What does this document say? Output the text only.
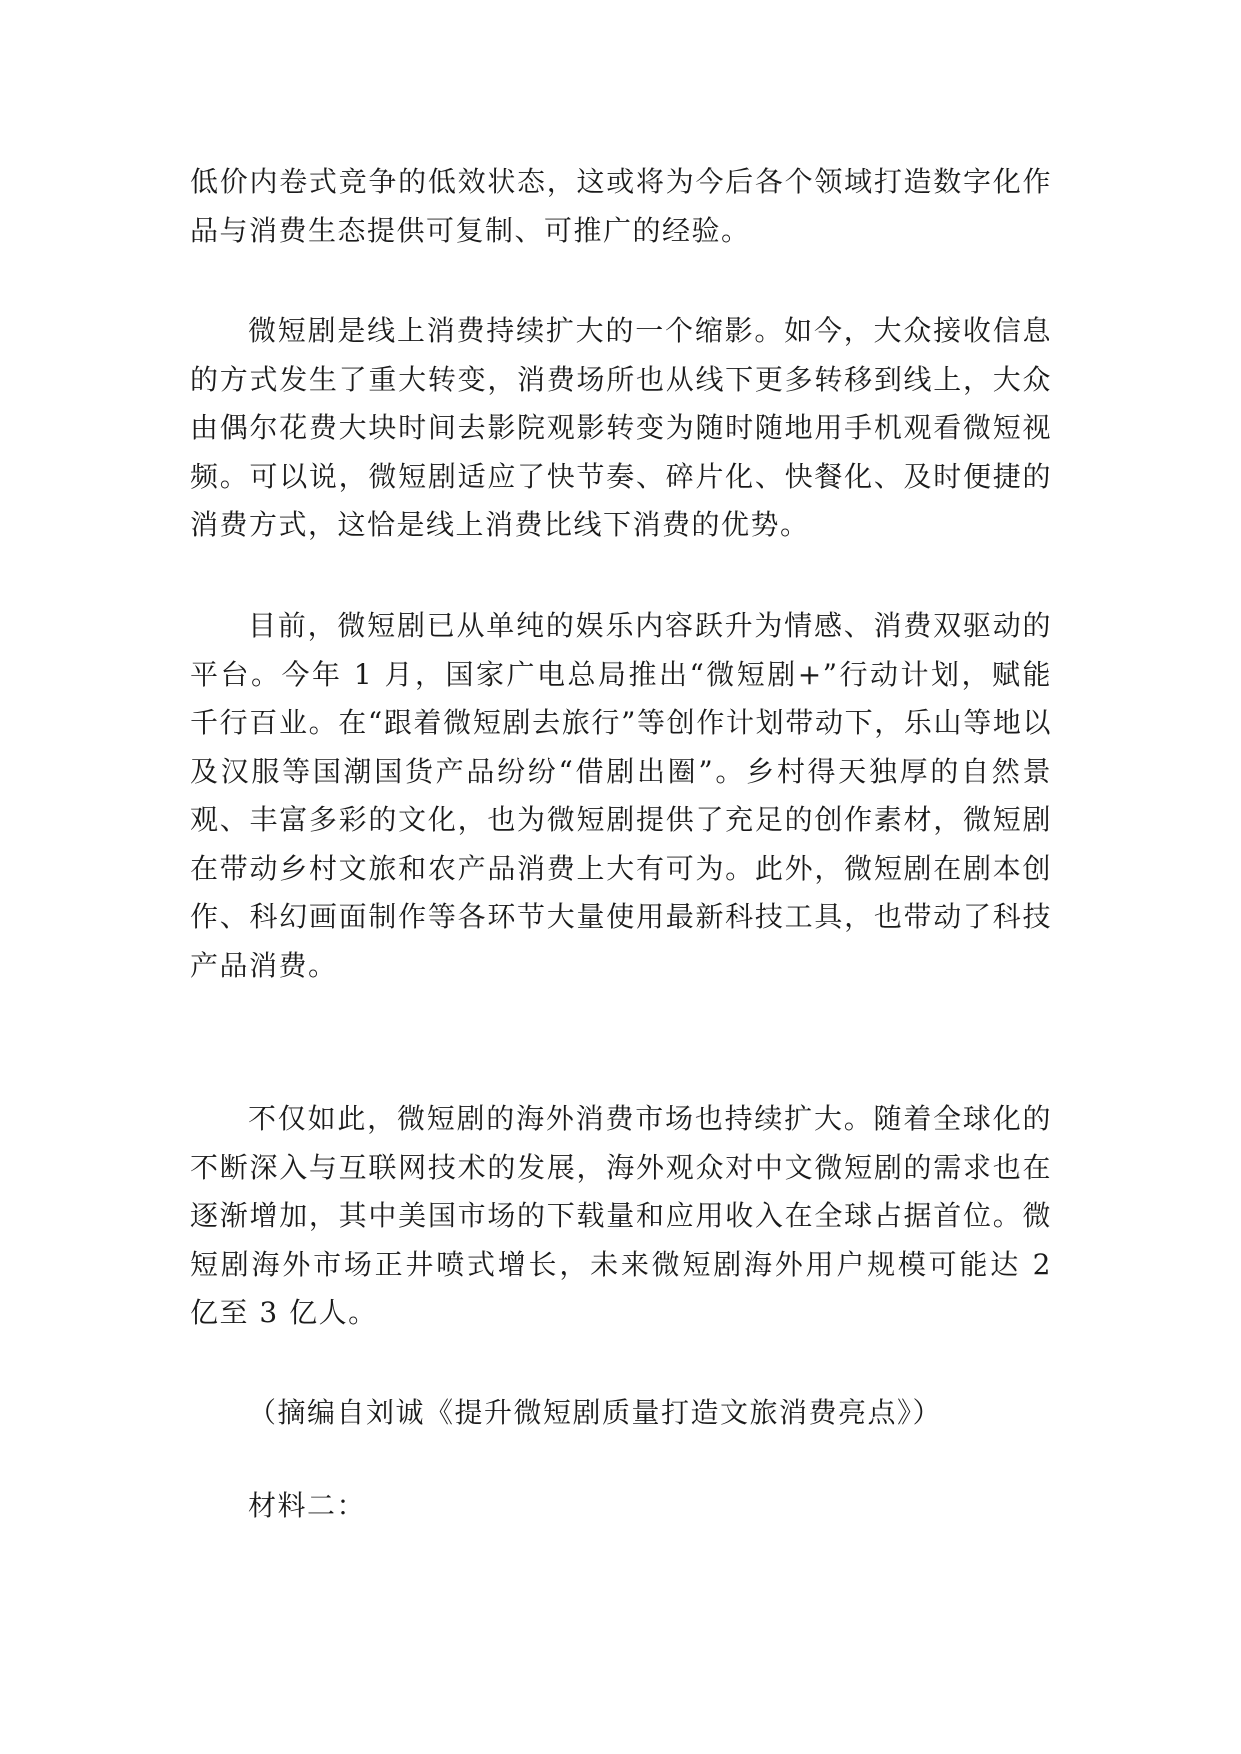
低价内卷式竞争的低效状态，这或将为今后各个领域打造数字化作品与消费生态提供可复制、可推广的经验。

微短剧是线上消费持续扩大的一个缩影。如今，大众接收信息的方式发生了重大转变，消费场所也从线下更多转移到线上，大众由偶尔花费大块时间去影院观影转变为随时随地用手机观看微短视频。可以说，微短剧适应了快节奏、碎片化、快餐化、及时便捷的消费方式，这恰是线上消费比线下消费的优势。

目前，微短剧已从单纯的娱乐内容跃升为情感、消费双驱动的平台。今年 1 月，国家广电总局推出“微短剧+”行动计划，赋能千行百业。在“跟着微短剧去旅行”等创作计划带动下，乐山等地以及汉服等国潮国货产品纷纷“借剧出圈”。乡村得天独厚的自然景观、丰富多彩的文化，也为微短剧提供了充足的创作素材，微短剧在带动乡村文旅和农产品消费上大有可为。此外，微短剧在剧本创作、科幻画面制作等各环节大量使用最新科技工具，也带动了科技产品消费。

不仅如此，微短剧的海外消费市场也持续扩大。随着全球化的不断深入与互联网技术的发展，海外观众对中文微短剧的需求也在逐渐增加，其中美国市场的下载量和应用收入在全球占据首位。微短剧海外市场正井喷式增长，未来微短剧海外用户规模可能达 2 亿至 3 亿人。

（摘编自刘诚《提升微短剧质量打造文旅消费亮点》）

材料二：
